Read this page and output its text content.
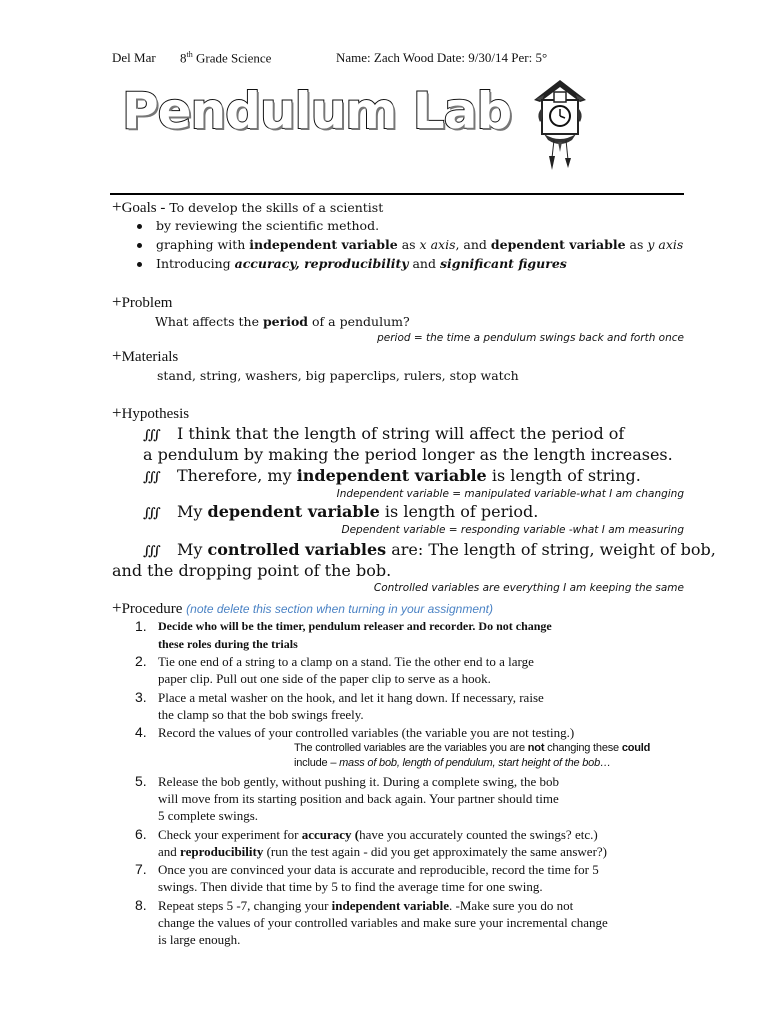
Del Mar 8th Grade Science	Name: Zach Wood Date: 9/30/14 Per: 5°
Pendulum Lab
+Goals - To develop the skills of a scientist
by reviewing the scientific method.
graphing with independent variable as x axis, and dependent variable as y axis
Introducing accuracy, reproducibility and significant figures
+Problem
What affects the period of a pendulum?
period = the time a pendulum swings back and forth once
+Materials
stand, string, washers, big paperclips, rulers, stop watch
+Hypothesis
∭ I think that the length of string will affect the period of
a pendulum by making the period longer as the length increases.
∭ Therefore, my independent variable is length of string.
Independent variable = manipulated variable-what I am changing
∭ My dependent variable is length of period.
Dependent variable = responding variable -what I am measuring
∭ My controlled variables are: The length of string, weight of bob,
and the dropping point of the bob.
Controlled variables are everything I am keeping the same
+Procedure (note delete this section when turning in your assignment)
1.
2.
3.
4.
5.
6.
7.
8.
Decide who will be the timer, pendulum releaser and recorder. Do not change
these roles during the trials
Tie one end of a string to a clamp on a stand. Tie the other end to a large
paper clip. Pull out one side of the paper clip to serve as a hook.
Place a metal washer on the hook, and let it hang down. If necessary, raise
the clamp so that the bob swings freely.
Record the values of your controlled variables (the variable you are not testing.)
The controlled variables are the variables you are not changing these could
include – mass of bob, length of pendulum, start height of the bob…
Release the bob gently, without pushing it. During a complete swing, the bob
will move from its starting position and back again. Your partner should time
5 complete swings.
Check your experiment for accuracy (have you accurately counted the swings? etc.)
and reproducibility (run the test again - did you get approximately the same answer?)
Once you are convinced your data is accurate and reproducible, record the time for 5
swings. Then divide that time by 5 to find the average time for one swing.
Repeat steps 5 -7, changing your independent variable. -Make sure you do not
change the values of your controlled variables and make sure your incremental change
is large enough.
